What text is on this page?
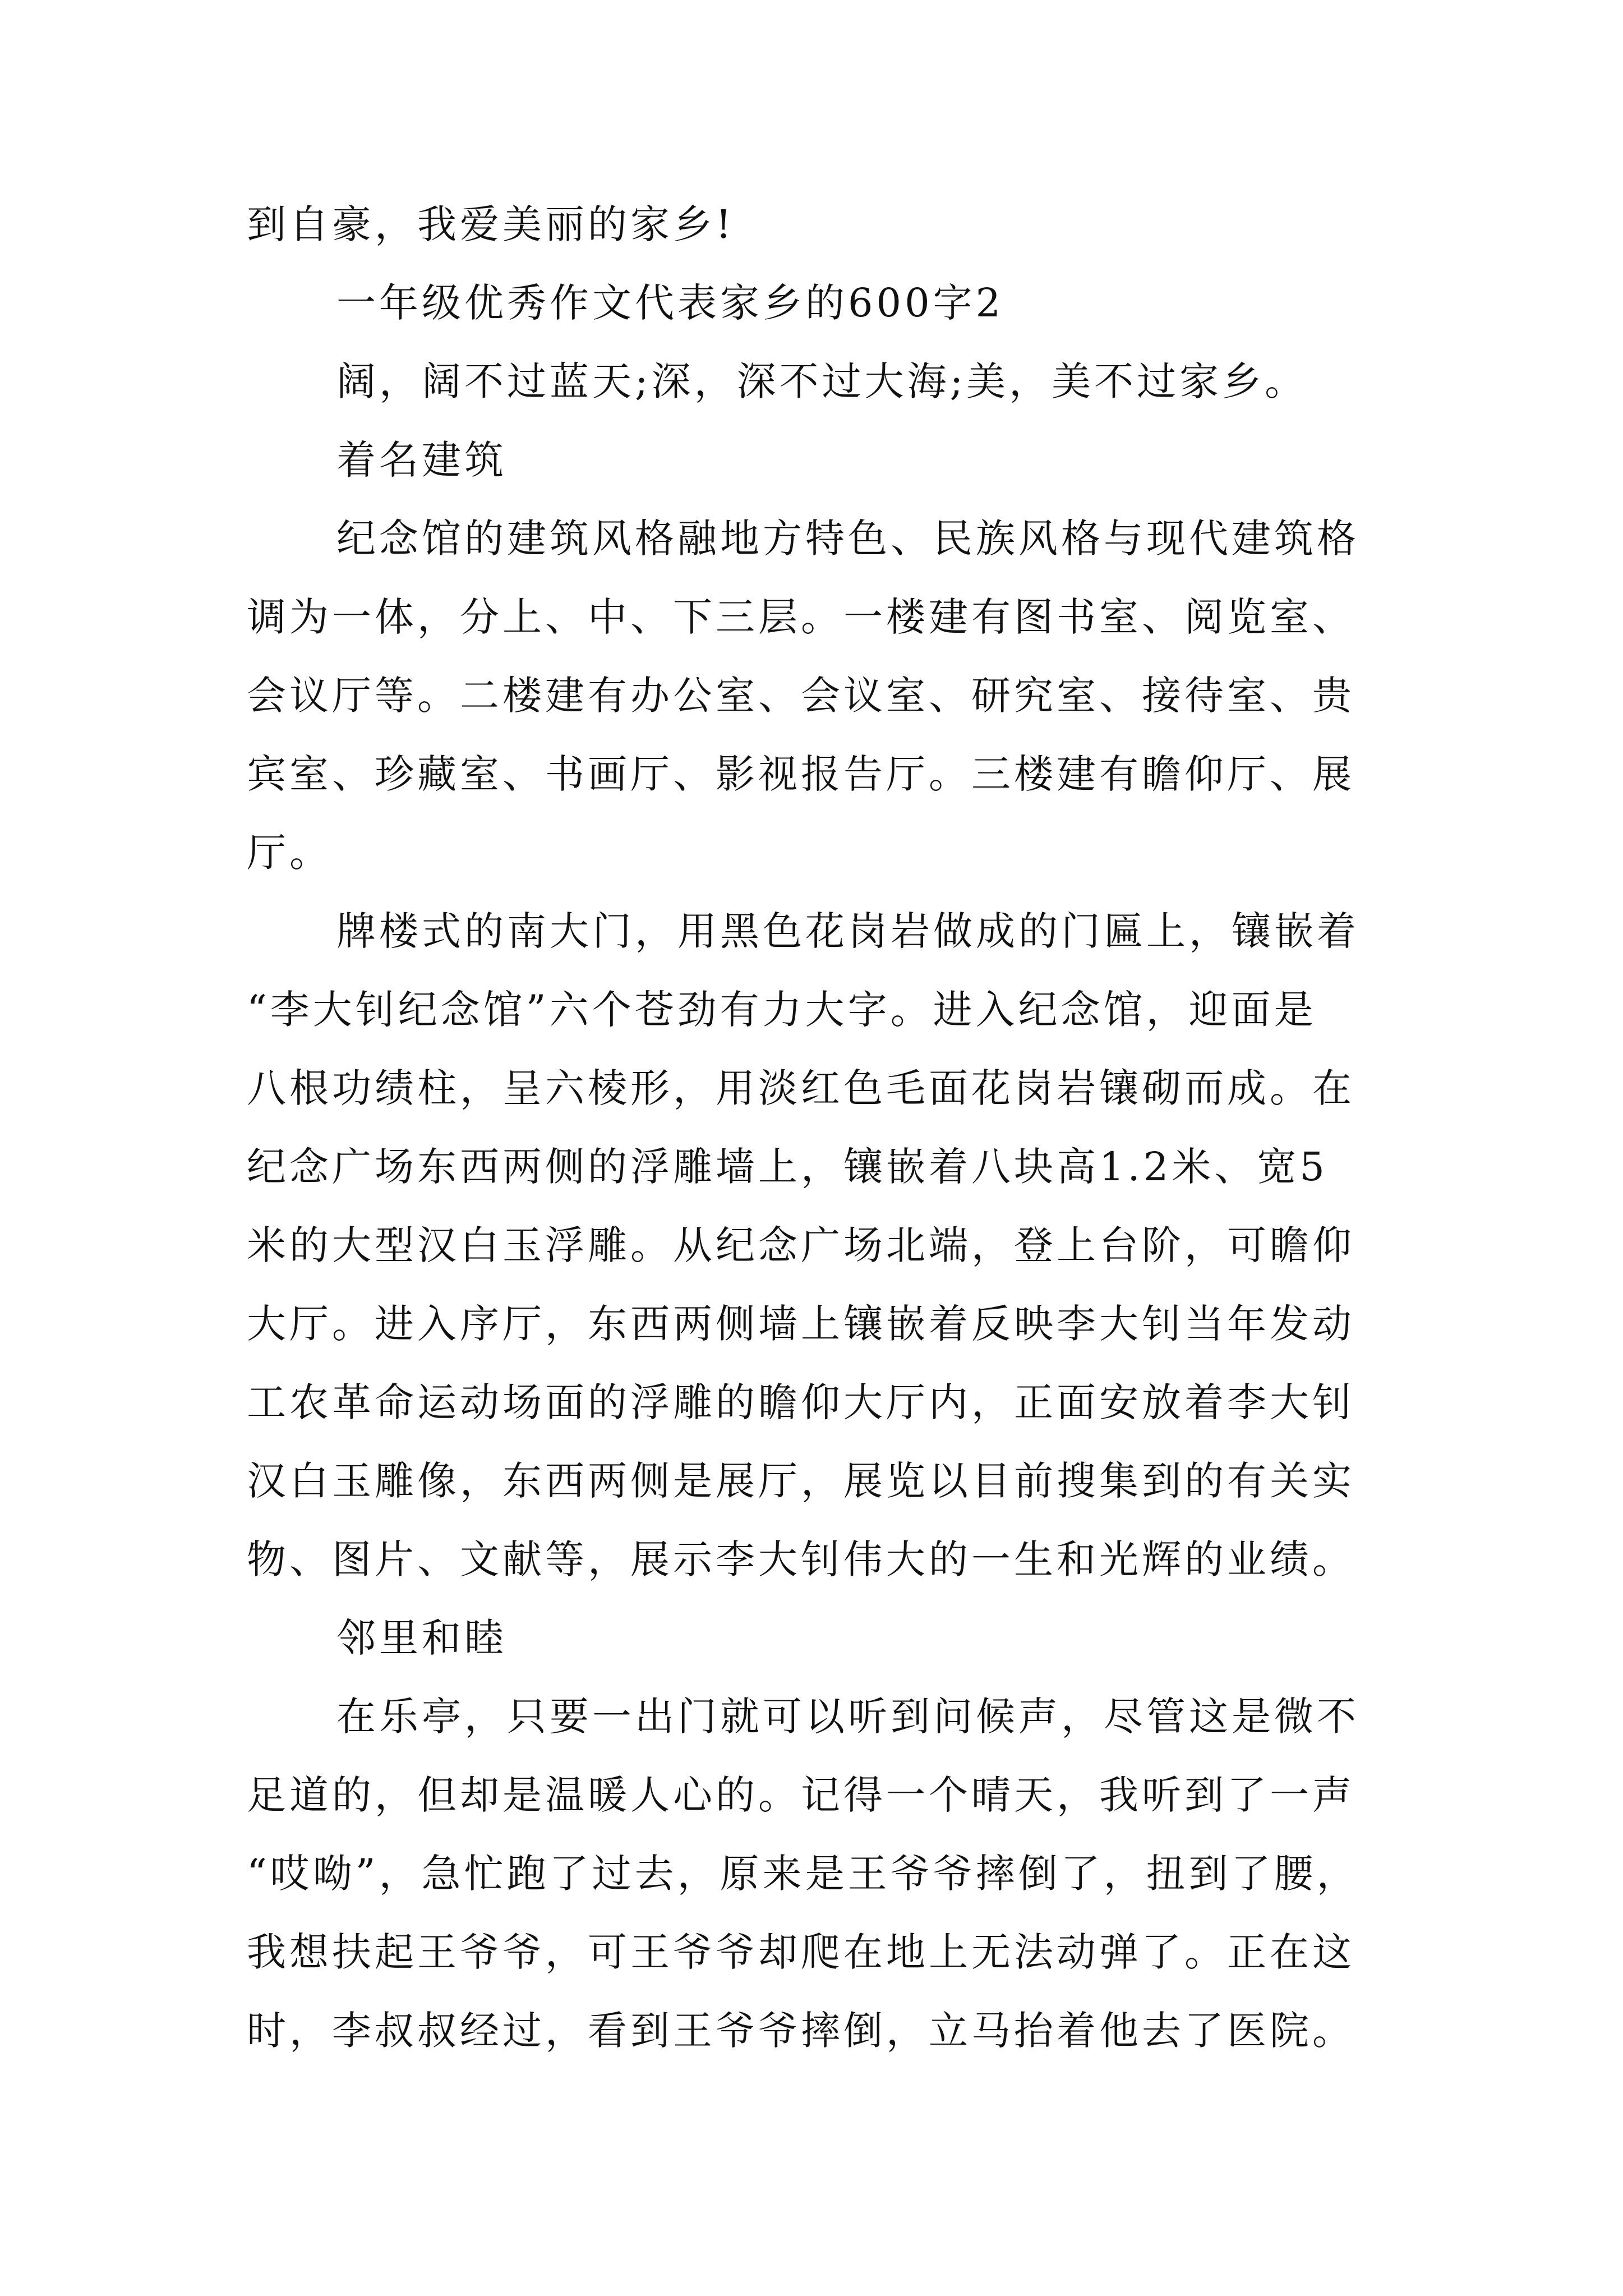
到自豪，我爱美丽的家乡!
一年级优秀作文代表家乡的600字2
阔，阔不过蓝天;深，深不过大海;美，美不过家乡。
着名建筑
纪念馆的建筑风格融地方特色、民族风格与现代建筑格
调为一体，分上、中、下三层。一楼建有图书室、阅览室、
会议厅等。二楼建有办公室、会议室、研究室、接待室、贵
宾室、珍藏室、书画厅、影视报告厅。三楼建有瞻仰厅、展
厅。
牌楼式的南大门，用黑色花岗岩做成的门匾上，镶嵌着
“李大钊纪念馆”六个苍劲有力大字。进入纪念馆，迎面是
八根功绩柱，呈六棱形，用淡红色毛面花岗岩镶砌而成。在
纪念广场东西两侧的浮雕墙上，镶嵌着八块高1.2米、宽5
米的大型汉白玉浮雕。从纪念广场北端，登上台阶，可瞻仰
大厅。进入序厅，东西两侧墙上镶嵌着反映李大钊当年发动
工农革命运动场面的浮雕的瞻仰大厅内，正面安放着李大钊
汉白玉雕像，东西两侧是展厅，展览以目前搜集到的有关实
物、图片、文献等，展示李大钊伟大的一生和光辉的业绩。
邻里和睦
在乐亭，只要一出门就可以听到问候声，尽管这是微不
足道的，但却是温暖人心的。记得一个晴天，我听到了一声
“哎呦”，急忙跑了过去，原来是王爷爷摔倒了，扭到了腰，
我想扶起王爷爷，可王爷爷却爬在地上无法动弹了。正在这
时，李叔叔经过，看到王爷爷摔倒，立马抬着他去了医院。
